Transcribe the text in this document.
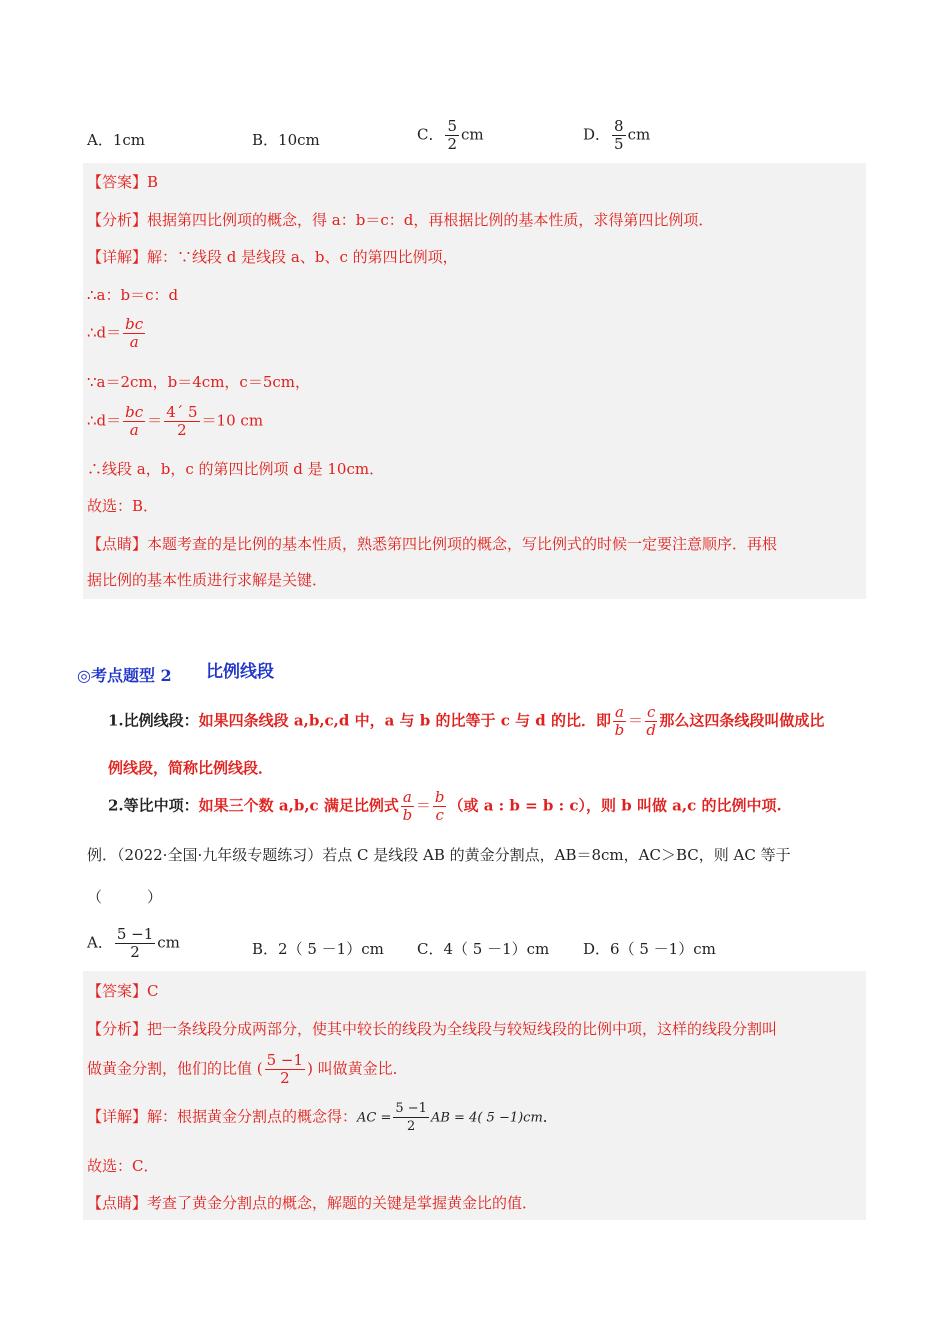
A．1cm	B．10cm	C． $\frac{5}{2}$ cm	D． $\frac{8}{5}$ cm
【答案】B
【分析】根据第四比例项的概念，得 a：b＝c：d，再根据比例的基本性质，求得第四比例项．
【详解】解：∵线段 d 是线段 a、b、c 的第四比例项，
∴a：b＝c：d
∴d＝ $\frac{bc}{a}$
∵a＝2cm，b＝4cm，c＝5cm，
∴d＝ $\frac{bc}{a} = \frac{4´ 5}{2} =10$ cm
∴线段 a，b，c 的第四比例项 d 是 10cm．
故选：B．
【点睛】本题考查的是比例的基本性质，熟悉第四比例项的概念，写比例式的时候一定要注意顺序．再根
据比例的基本性质进行求解是关键．
◎考点题型 2 比例线段
1.比例线段：如果四条线段 a,b,c,d 中，a 与 b 的比等于 c 与 d 的比．即 $\frac{a}{b} = \frac{c}{d}$ 那么这四条线段叫做成比
例线段，简称比例线段．
2.等比中项：如果三个数 a,b,c 满足比例式 $\frac{a}{b} = \frac{b}{c}$ （或 a : b = b : c），则 b 叫做 a,c 的比例中项.
例．（2022·全国·九年级专题练习）若点 C 是线段 AB 的黄金分割点，AB＝8cm，AC＞BC，则 AC 等于
（　　　）
A． $\frac{5 -1}{2}$ cm	B．2（ 5 －1）cm C．4（ 5 －1）cm D．6（ 5 －1）cm
【答案】C
【分析】把一条线段分成两部分，使其中较长的线段为全线段与较短线段的比例中项，这样的线段分割叫
做黄金分割，他们的比值 ( $\frac{5 -1}{2}$ ) 叫做黄金比．
【详解】解：根据黄金分割点的概念得：AC = $\frac{5 -1}{2}$ AB = 4( 5 −1)cm．
故选：C．
【点睛】考查了黄金分割点的概念，解题的关键是掌握黄金比的值．
